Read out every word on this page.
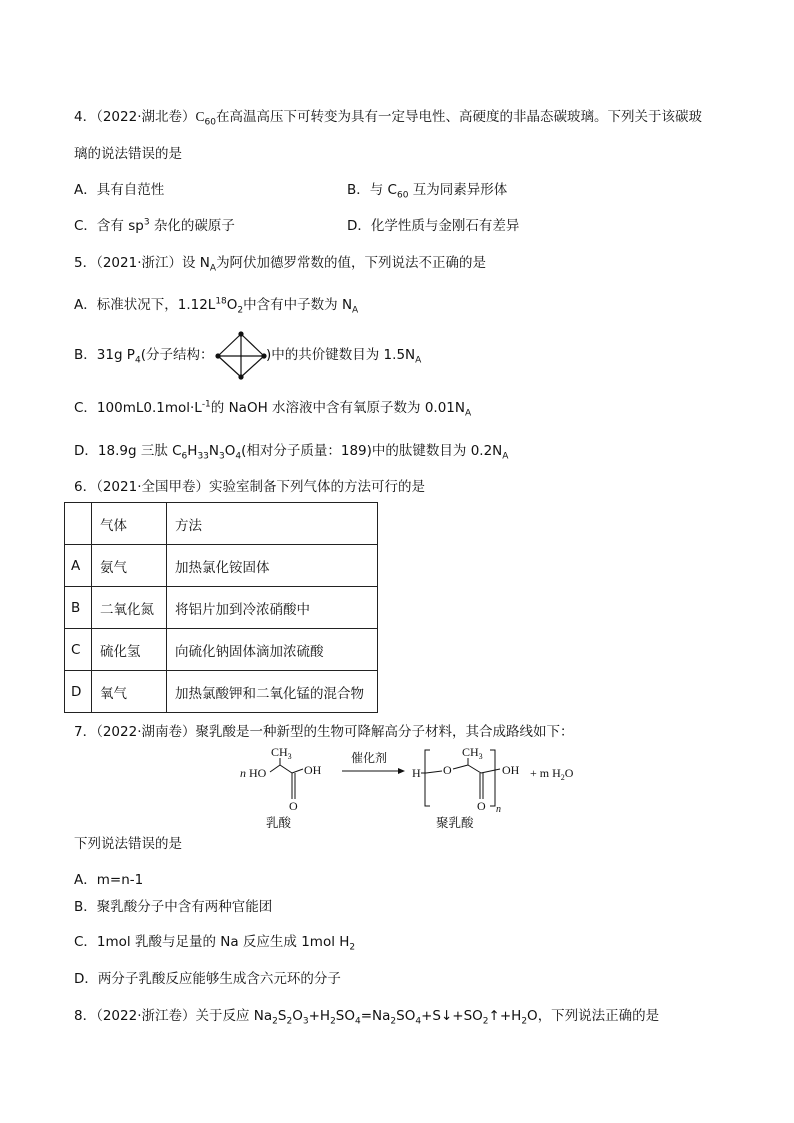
4．（2022·湖北卷）$C_{60}$在高温高压下可转变为具有一定导电性、高硬度的非晶态碳玻璃。下列关于该碳玻
璃的说法错误的是
A．具有自范性	B．与 $C_{60}$ 互为同素异形体
C．含有 $sp^3$ 杂化的碳原子	D．化学性质与金刚石有差异
5．（2021·浙江）设 $N_A$为阿伏加德罗常数的值，下列说法不正确的是
A．标准状况下，$1.12L^{18}O_2$中含有中子数为 $N_A$
B．31g $P_4$(分子结构：	)中的共价键数目为 $1.5N_A$
C．$100mL0.1mol\cdot L^{-1}$的 NaOH 水溶液中含有氧原子数为 $0.01N_A$
D．18.9g 三肽 $C_6H_{33}N_3O_4$(相对分子质量：189)中的肽键数目为 $0.2N_A$
6．（2021·全国甲卷）实验室制备下列气体的方法可行的是
	气体	方法
A	氨气	加热氯化铵固体
B	二氧化氮	将铝片加到冷浓硝酸中
C	硫化氢	向硫化钠固体滴加浓硫酸
D	氧气	加热氯酸钾和二氧化锰的混合物
7．（2022·湖南卷）聚乳酸是一种新型的生物可降解高分子材料，其合成路线如下：
n HO
$CH_3$
OH
O
催化剂
H O
$CH_3$
O
OH
n
+ m $H_2O$
乳酸	聚乳酸
下列说法错误的是
A．m=n-1
B．聚乳酸分子中含有两种官能团
C．1mol 乳酸与足量的 Na 反应生成 1mol $H_2$
D．两分子乳酸反应能够生成含六元环的分子
8．（2022·浙江卷）关于反应 $Na_2S_2O_3+H_2SO_4=Na_2SO_4+S↓+SO_2↑+H_2O$，下列说法正确的是
